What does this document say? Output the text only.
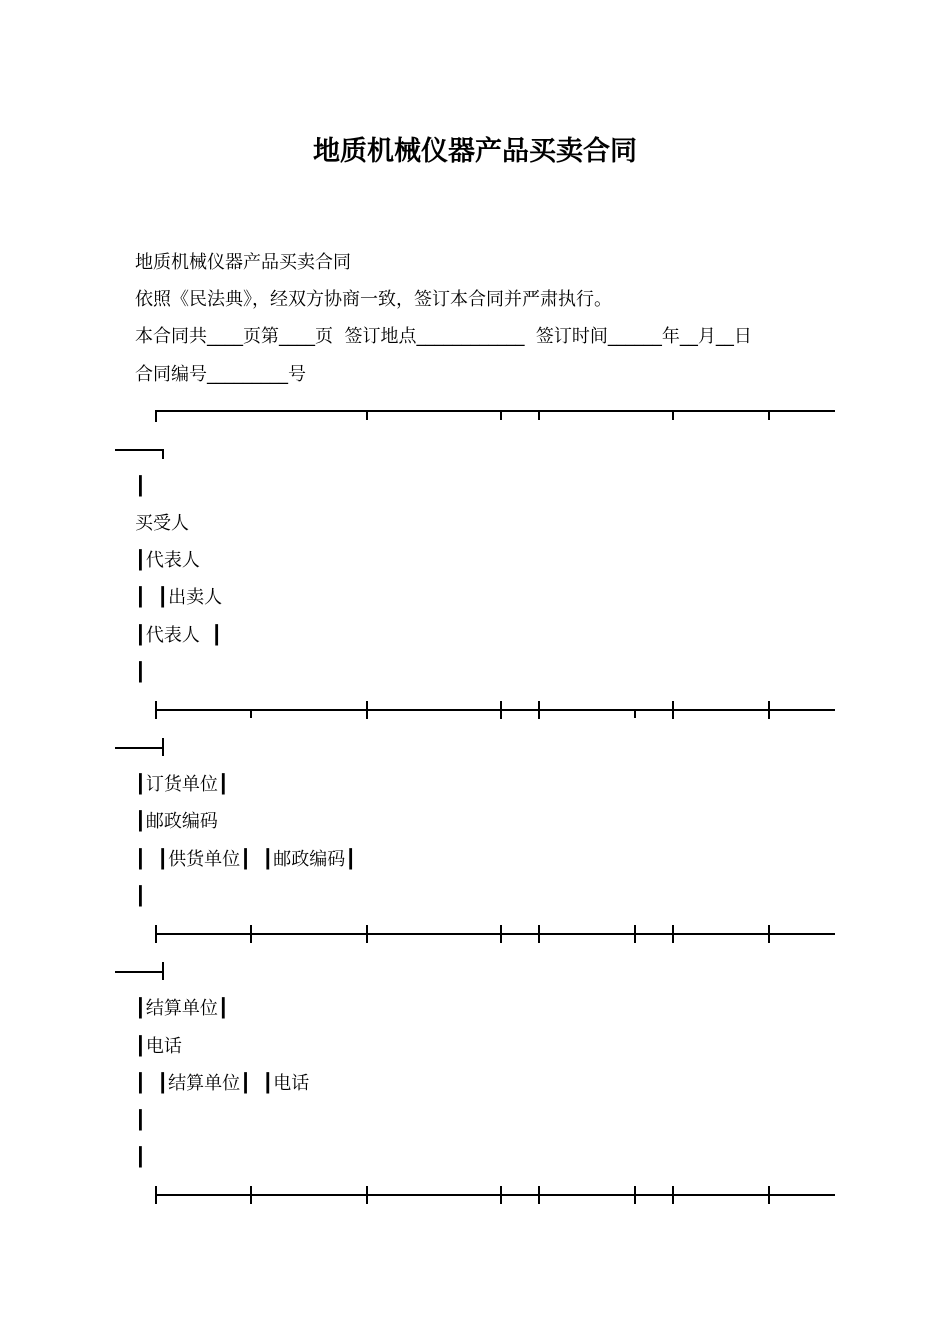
地质机械仪器产品买卖合同
地质机械仪器产品买卖合同
依照《民法典》，经双方协商一致，签订本合同并严肃执行。
本合同共____页第____页  签订地点____________  签订时间______年__月__日
合同编号_________号
┃
买受人
┃代表人
┃  ┃出卖人
┃代表人  ┃
┃
┃订货单位┃
┃邮政编码
┃  ┃供货单位┃  ┃邮政编码┃
┃
┃结算单位┃
┃电话
┃  ┃结算单位┃  ┃电话
┃
┃
